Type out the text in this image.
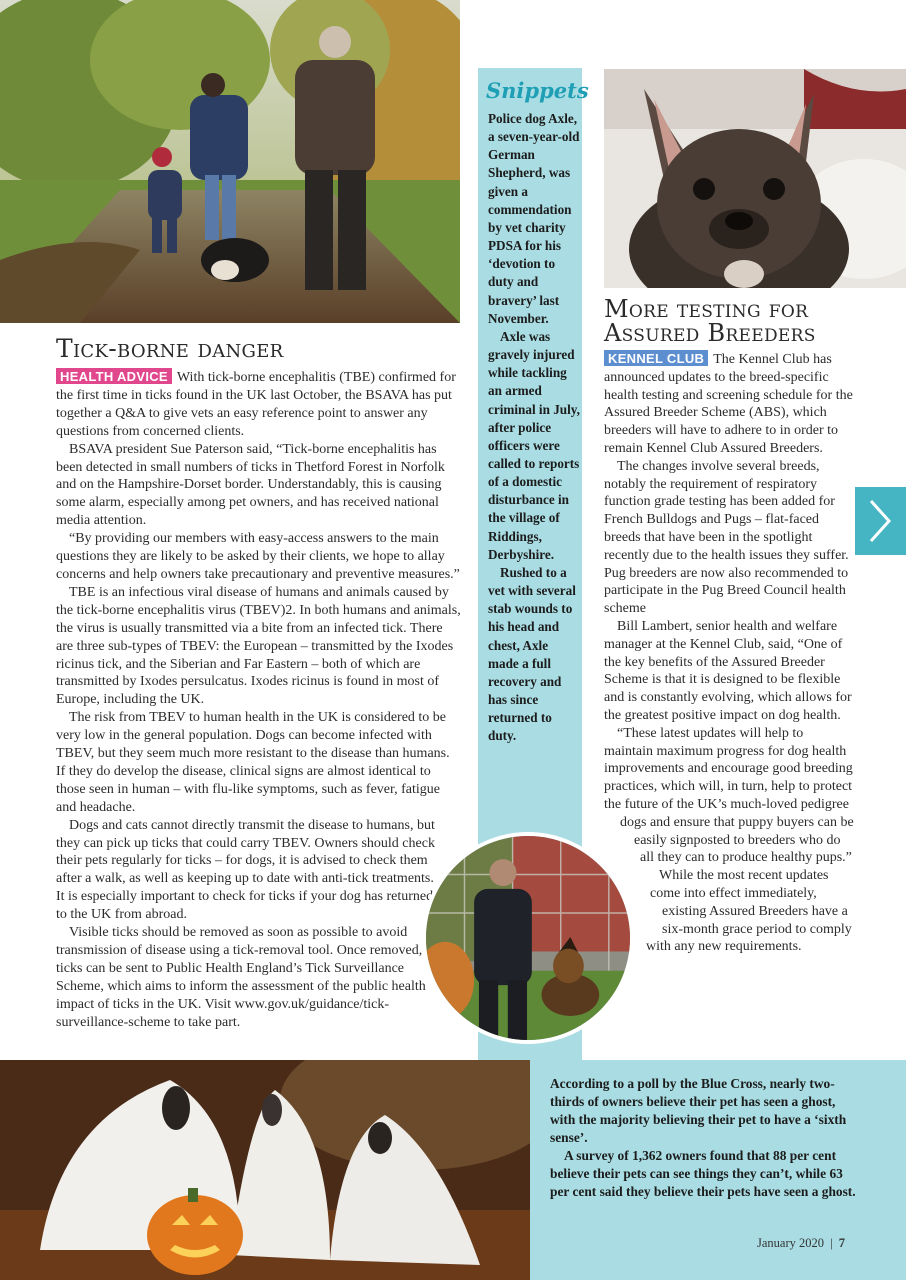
Snippets

Police dog Axle, a seven-year-old German Shepherd, was given a commendation by vet charity PDSA for his ‘devotion to duty and bravery’ last November.

Axle was gravely injured while tackling an armed criminal in July, after police officers were called to reports of a domestic disturbance in the village of Riddings, Derbyshire.

Rushed to a vet with several stab wounds to his head and chest, Axle made a full recovery and has since returned to duty.

Tick-borne danger

HEALTH ADVICE With tick-borne encephalitis (TBE) confirmed for the first time in ticks found in the UK last October, the BSAVA has put together a Q&A to give vets an easy reference point to answer any questions from concerned clients.

BSAVA president Sue Paterson said, “Tick-borne encephalitis has been detected in small numbers of ticks in Thetford Forest in Norfolk and on the Hampshire-Dorset border. Understandably, this is causing some alarm, especially among pet owners, and has received national media attention.

“By providing our members with easy-access answers to the main questions they are likely to be asked by their clients, we hope to allay concerns and help owners take precautionary and preventive measures.”

TBE is an infectious viral disease of humans and animals caused by the tick-borne encephalitis virus (TBEV)2. In both humans and animals, the virus is usually transmitted via a bite from an infected tick. There are three sub-types of TBEV: the European – transmitted by the Ixodes ricinus tick, and the Siberian and Far Eastern – both of which are transmitted by Ixodes persulcatus. Ixodes ricinus is found in most of Europe, including the UK.

The risk from TBEV to human health in the UK is considered to be very low in the general population. Dogs can become infected with TBEV, but they seem much more resistant to the disease than humans. If they do develop the disease, clinical signs are almost identical to those seen in human – with flu-like symptoms, such as fever, fatigue and headache.

Dogs and cats cannot directly transmit the disease to humans, but they can pick up ticks that could carry TBEV. Owners should check their pets regularly for ticks – for dogs, it is advised to check them after a walk, as well as keeping up to date with anti-tick treatments. It is especially important to check for ticks if your dog has returned to the UK from abroad.

Visible ticks should be removed as soon as possible to avoid transmission of disease using a tick-removal tool. Once removed, ticks can be sent to Public Health England’s Tick Surveillance Scheme, which aims to inform the assessment of the public health impact of ticks in the UK. Visit www.gov.uk/guidance/tick-surveillance-scheme to take part.

More testing for
Assured Breeders

KENNEL CLUB The Kennel Club has announced updates to the breed-specific health testing and screening schedule for the Assured Breeder Scheme (ABS), which breeders will have to adhere to in order to remain Kennel Club Assured Breeders.

The changes involve several breeds, notably the requirement of respiratory function grade testing has been added for French Bulldogs and Pugs – flat-faced breeds that have been in the spotlight recently due to the health issues they suffer. Pug breeders are now also recommended to participate in the Pug Breed Council health scheme

Bill Lambert, senior health and welfare manager at the Kennel Club, said, “One of the key benefits of the Assured Breeder Scheme is that it is designed to be flexible and is constantly evolving, which allows for the greatest positive impact on dog health.

“These latest updates will help to maintain maximum progress for dog health improvements and encourage good breeding practices, which will, in turn, help to protect the future of the UK’s much-loved pedigree dogs and ensure that puppy buyers can be easily signposted to breeders who do all they can to produce healthy pups.”

While the most recent updates come into effect immediately, existing Assured Breeders have a six-month grace period to comply with any new requirements.

According to a poll by the Blue Cross, nearly two-thirds of owners believe their pet has seen a ghost, with the majority believing their pet to have a ‘sixth sense’.

A survey of 1,362 owners found that 88 per cent believe their pets can see things they can’t, while 63 per cent said they believe their pets have seen a ghost.

January 2020 | 7
